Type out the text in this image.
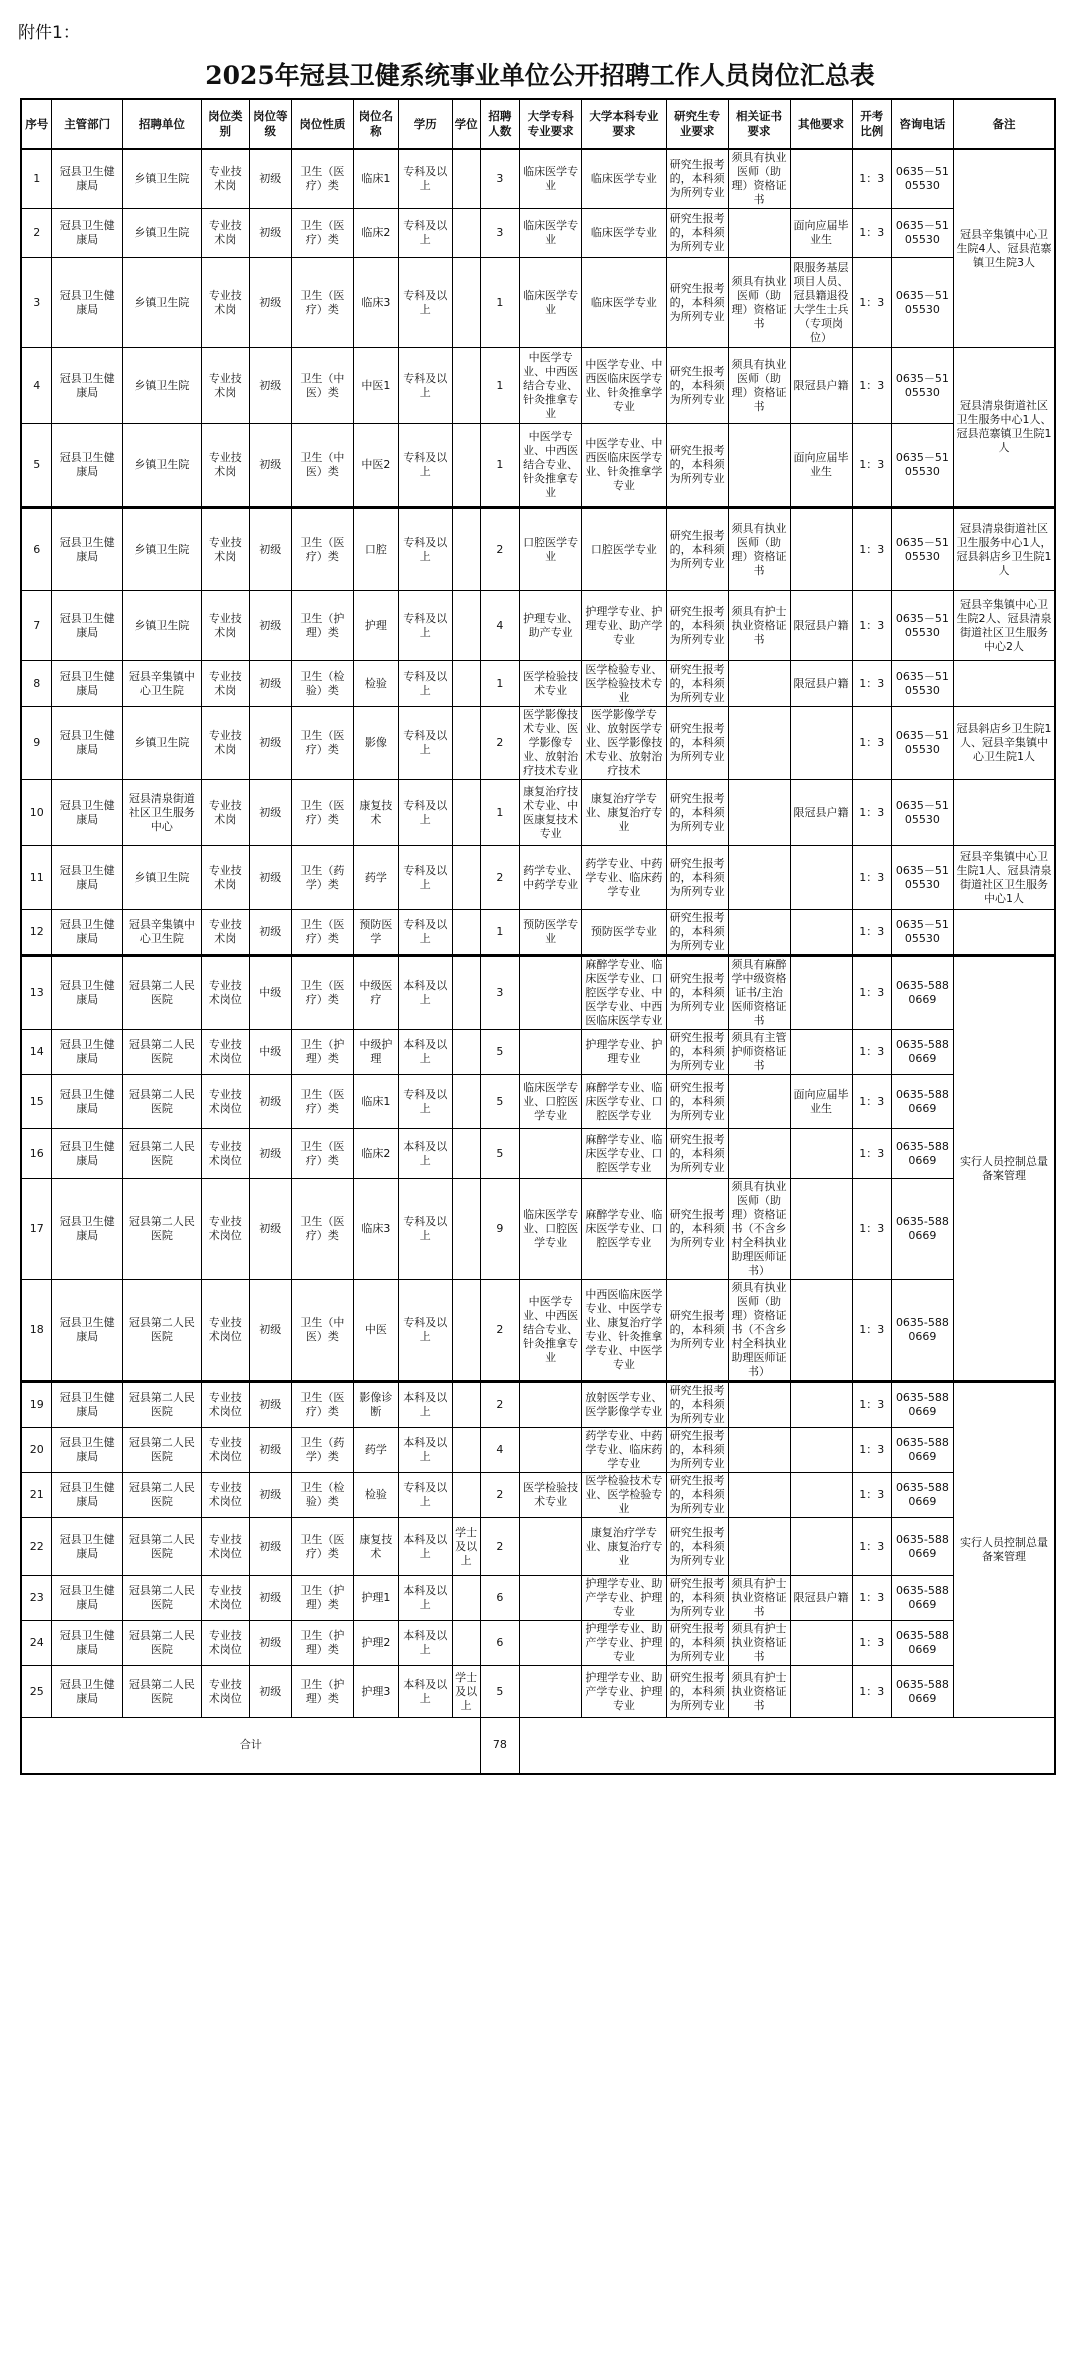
附件1：
2025年冠县卫健系统事业单位公开招聘工作人员岗位汇总表
序号	主管部门	招聘单位	岗位类别	岗位等级	岗位性质	岗位名称	学历	学位	招聘人数	大学专科专业要求	大学本科专业要求	研究生专业要求	相关证书要求	其他要求	开考比例	咨询电话	备注
1	冠县卫生健康局	乡镇卫生院	专业技术岗	初级	卫生（医疗）类	临床1	专科及以上		3	临床医学专业	临床医学专业	研究生报考的，本科须为所列专业	须具有执业医师（助理）资格证书		1：3	0635－5105530	冠县辛集镇中心卫生院4人、冠县范寨镇卫生院3人
2	冠县卫生健康局	乡镇卫生院	专业技术岗	初级	卫生（医疗）类	临床2	专科及以上		3	临床医学专业	临床医学专业	研究生报考的，本科须为所列专业		面向应届毕业生	1：3	0635－5105530	
3	冠县卫生健康局	乡镇卫生院	专业技术岗	初级	卫生（医疗）类	临床3	专科及以上		1	临床医学专业	临床医学专业	研究生报考的，本科须为所列专业	须具有执业医师（助理）资格证书	限服务基层项目人员、冠县籍退役大学生士兵（专项岗位）	1：3	0635－5105530	
4	冠县卫生健康局	乡镇卫生院	专业技术岗	初级	卫生（中医）类	中医1	专科及以上		1	中医学专业、中西医结合专业、针灸推拿专业	中医学专业、中西医临床医学专业、针灸推拿学专业	研究生报考的，本科须为所列专业	须具有执业医师（助理）资格证书	限冠县户籍	1：3	0635－5105530	冠县清泉街道社区卫生服务中心1人、冠县范寨镇卫生院1人
5	冠县卫生健康局	乡镇卫生院	专业技术岗	初级	卫生（中医）类	中医2	专科及以上		1	中医学专业、中西医结合专业、针灸推拿专业	中医学专业、中西医临床医学专业、针灸推拿学专业	研究生报考的，本科须为所列专业		面向应届毕业生	1：3	0635－5105530	
6	冠县卫生健康局	乡镇卫生院	专业技术岗	初级	卫生（医疗）类	口腔	专科及以上		2	口腔医学专业	口腔医学专业	研究生报考的，本科须为所列专业	须具有执业医师（助理）资格证书		1：3	0635－5105530	冠县清泉街道社区卫生服务中心1人，冠县斜店乡卫生院1人
7	冠县卫生健康局	乡镇卫生院	专业技术岗	初级	卫生（护理）类	护理	专科及以上		4	护理专业、助产专业	护理学专业、护理专业、助产学专业	研究生报考的，本科须为所列专业	须具有护士执业资格证书	限冠县户籍	1：3	0635－5105530	冠县辛集镇中心卫生院2人、冠县清泉街道社区卫生服务中心2人
8	冠县卫生健康局	冠县辛集镇中心卫生院	专业技术岗	初级	卫生（检验）类	检验	专科及以上		1	医学检验技术专业	医学检验专业、医学检验技术专业	研究生报考的，本科须为所列专业		限冠县户籍	1：3	0635－5105530	
9	冠县卫生健康局	乡镇卫生院	专业技术岗	初级	卫生（医疗）类	影像	专科及以上		2	医学影像技术专业、医学影像专业、放射治疗技术专业	医学影像学专业、放射医学专业、医学影像技术专业、放射治疗技术	研究生报考的，本科须为所列专业			1：3	0635－5105530	冠县斜店乡卫生院1人、冠县辛集镇中心卫生院1人
10	冠县卫生健康局	冠县清泉街道社区卫生服务中心	专业技术岗	初级	卫生（医疗）类	康复技术	专科及以上		1	康复治疗技术专业、中医康复技术专业	康复治疗学专业、康复治疗专业	研究生报考的，本科须为所列专业		限冠县户籍	1：3	0635－5105530	
11	冠县卫生健康局	乡镇卫生院	专业技术岗	初级	卫生（药学）类	药学	专科及以上		2	药学专业、中药学专业	药学专业、中药学专业、临床药学专业	研究生报考的，本科须为所列专业			1：3	0635－5105530	冠县辛集镇中心卫生院1人、冠县清泉街道社区卫生服务中心1人
12	冠县卫生健康局	冠县辛集镇中心卫生院	专业技术岗	初级	卫生（医疗）类	预防医学	专科及以上		1	预防医学专业	预防医学专业	研究生报考的，本科须为所列专业			1：3	0635－5105530	
13	冠县卫生健康局	冠县第二人民医院	专业技术岗位	中级	卫生（医疗）类	中级医疗	本科及以上		3		麻醉学专业、临床医学专业、口腔医学专业、中医学专业、中西医临床医学专业	研究生报考的，本科须为所列专业	须具有麻醉学中级资格证书/主治医师资格证书		1：3	0635-5880669	实行人员控制总量备案管理
14	冠县卫生健康局	冠县第二人民医院	专业技术岗位	中级	卫生（护理）类	中级护理	本科及以上		5		护理学专业、护理专业	研究生报考的，本科须为所列专业	须具有主管护师资格证书		1：3	0635-5880669	
15	冠县卫生健康局	冠县第二人民医院	专业技术岗位	初级	卫生（医疗）类	临床1	专科及以上		5	临床医学专业、口腔医学专业	麻醉学专业、临床医学专业、口腔医学专业	研究生报考的，本科须为所列专业		面向应届毕业生	1：3	0635-5880669	
16	冠县卫生健康局	冠县第二人民医院	专业技术岗位	初级	卫生（医疗）类	临床2	本科及以上		5		麻醉学专业、临床医学专业、口腔医学专业	研究生报考的，本科须为所列专业			1：3	0635-5880669	
17	冠县卫生健康局	冠县第二人民医院	专业技术岗位	初级	卫生（医疗）类	临床3	专科及以上		9	临床医学专业、口腔医学专业	麻醉学专业、临床医学专业、口腔医学专业	研究生报考的，本科须为所列专业	须具有执业医师（助理）资格证书（不含乡村全科执业助理医师证书）		1：3	0635-5880669	
18	冠县卫生健康局	冠县第二人民医院	专业技术岗位	初级	卫生（中医）类	中医	专科及以上		2	中医学专业、中西医结合专业、针灸推拿专业	中西医临床医学专业、中医学专业、康复治疗学专业、针灸推拿学专业、中医学专业	研究生报考的，本科须为所列专业	须具有执业医师（助理）资格证书（不含乡村全科执业助理医师证书）		1：3	0635-5880669	
19	冠县卫生健康局	冠县第二人民医院	专业技术岗位	初级	卫生（医疗）类	影像诊断	本科及以上		2		放射医学专业、医学影像学专业	研究生报考的，本科须为所列专业			1：3	0635-5880669	实行人员控制总量备案管理
20	冠县卫生健康局	冠县第二人民医院	专业技术岗位	初级	卫生（药学）类	药学	本科及以上		4		药学专业、中药学专业、临床药学专业	研究生报考的，本科须为所列专业			1：3	0635-5880669	
21	冠县卫生健康局	冠县第二人民医院	专业技术岗位	初级	卫生（检验）类	检验	专科及以上		2	医学检验技术专业	医学检验技术专业、医学检验专业	研究生报考的，本科须为所列专业			1：3	0635-5880669	
22	冠县卫生健康局	冠县第二人民医院	专业技术岗位	初级	卫生（医疗）类	康复技术	本科及以上	学士及以上	2		康复治疗学专业、康复治疗专业	研究生报考的，本科须为所列专业			1：3	0635-5880669	
23	冠县卫生健康局	冠县第二人民医院	专业技术岗位	初级	卫生（护理）类	护理1	本科及以上		6		护理学专业、助产学专业、护理专业	研究生报考的，本科须为所列专业	须具有护士执业资格证书	限冠县户籍	1：3	0635-5880669	
24	冠县卫生健康局	冠县第二人民医院	专业技术岗位	初级	卫生（护理）类	护理2	本科及以上		6		护理学专业、助产学专业、护理专业	研究生报考的，本科须为所列专业	须具有护士执业资格证书		1：3	0635-5880669	
25	冠县卫生健康局	冠县第二人民医院	专业技术岗位	初级	卫生（护理）类	护理3	本科及以上	学士及以上	5		护理学专业、助产学专业、护理专业	研究生报考的，本科须为所列专业	须具有护士执业资格证书		1：3	0635-5880669	
合计									78								
